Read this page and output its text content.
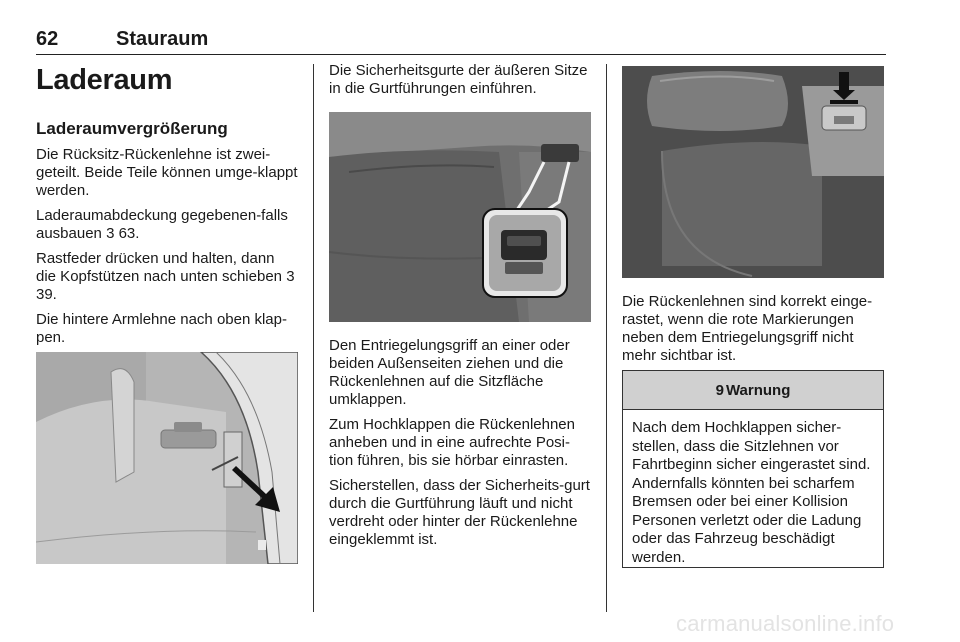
62	Stauraum
Laderaum
Laderaumvergrößerung

Die Rücksitz-Rückenlehne ist zwei-geteilt. Beide Teile können umge-klappt werden.

Laderaumabdeckung gegebenen-falls ausbauen 3 63.

Rastfeder drücken und halten, dann die Kopfstützen nach unten schieben 3 39.

Die hintere Armlehne nach oben klap-pen.

Die Sicherheitsgurte der äußeren Sitze in die Gurtführungen einführen.

Den Entriegelungsgriff an einer oder beiden Außenseiten ziehen und die Rückenlehnen auf die Sitzfläche umklappen.

Zum Hochklappen die Rückenlehnen anheben und in eine aufrechte Posi-tion führen, bis sie hörbar einrasten.

Sicherstellen, dass der Sicherheits-gurt durch die Gurtführung läuft und nicht verdreht oder hinter der Rückenlehne eingeklemmt ist.

Die Rückenlehnen sind korrekt einge-rastet, wenn die rote Markierungen neben dem Entriegelungsgriff nicht mehr sichtbar ist.

9 Warnung
Nach dem Hochklappen sicher-stellen, dass die Sitzlehnen vor Fahrtbeginn sicher eingerastet sind. Andernfalls könnten bei scharfem Bremsen oder bei einer Kollision Personen verletzt oder die Ladung oder das Fahrzeug beschädigt werden.
carmanualsonline.info
